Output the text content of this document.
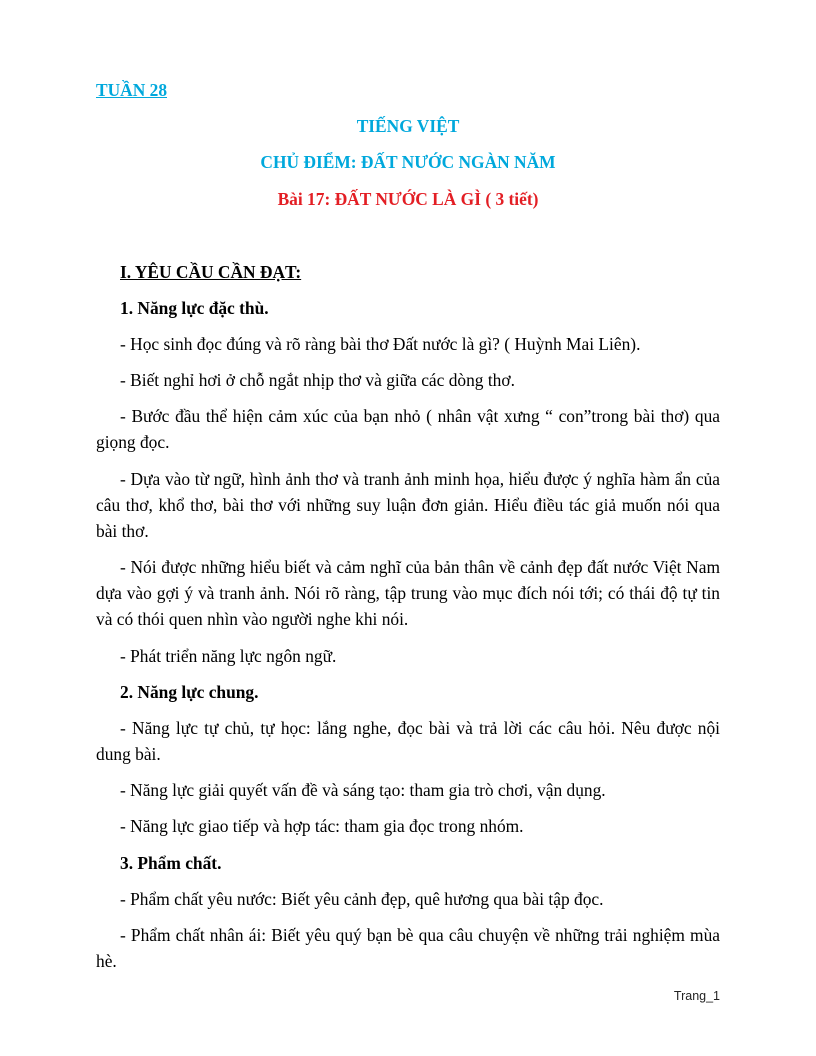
TUẦN 28

TIẾNG VIỆT

CHỦ ĐIỂM: ĐẤT NƯỚC NGÀN NĂM

Bài 17: ĐẤT NƯỚC LÀ GÌ ( 3 tiết)

I. YÊU CẦU CẦN ĐẠT:

1. Năng lực đặc thù.

- Học sinh đọc đúng và rõ ràng bài thơ Đất nước là gì? ( Huỳnh Mai Liên).

- Biết nghỉ hơi ở chỗ ngắt nhịp thơ và giữa các dòng thơ.

- Bước đầu thể hiện cảm xúc của bạn nhỏ ( nhân vật xưng “ con”trong bài thơ) qua giọng đọc.

- Dựa vào từ ngữ, hình ảnh thơ và tranh ảnh minh họa, hiểu được ý nghĩa hàm ẩn của câu thơ, khổ thơ, bài thơ với những suy luận đơn giản. Hiểu điều tác giả muốn nói qua bài thơ.

- Nói được những hiểu biết và cảm nghĩ của bản thân về cảnh đẹp đất nước Việt Nam dựa vào gợi ý và tranh ảnh. Nói rõ ràng, tập trung vào mục đích nói tới; có thái độ tự tin và có thói quen nhìn vào người nghe khi nói.

- Phát triển năng lực ngôn ngữ.

2. Năng lực chung.

- Năng lực tự chủ, tự học: lắng nghe, đọc bài và trả lời các câu hỏi. Nêu được nội dung bài.

- Năng lực giải quyết vấn đề và sáng tạo: tham gia trò chơi, vận dụng.

- Năng lực giao tiếp và hợp tác: tham gia đọc trong nhóm.

3. Phẩm chất.

- Phẩm chất yêu nước: Biết yêu cảnh đẹp, quê hương qua bài tập đọc.

- Phẩm chất nhân ái: Biết yêu quý bạn bè qua câu chuyện về những trải nghiệm mùa hè.

Trang_1
